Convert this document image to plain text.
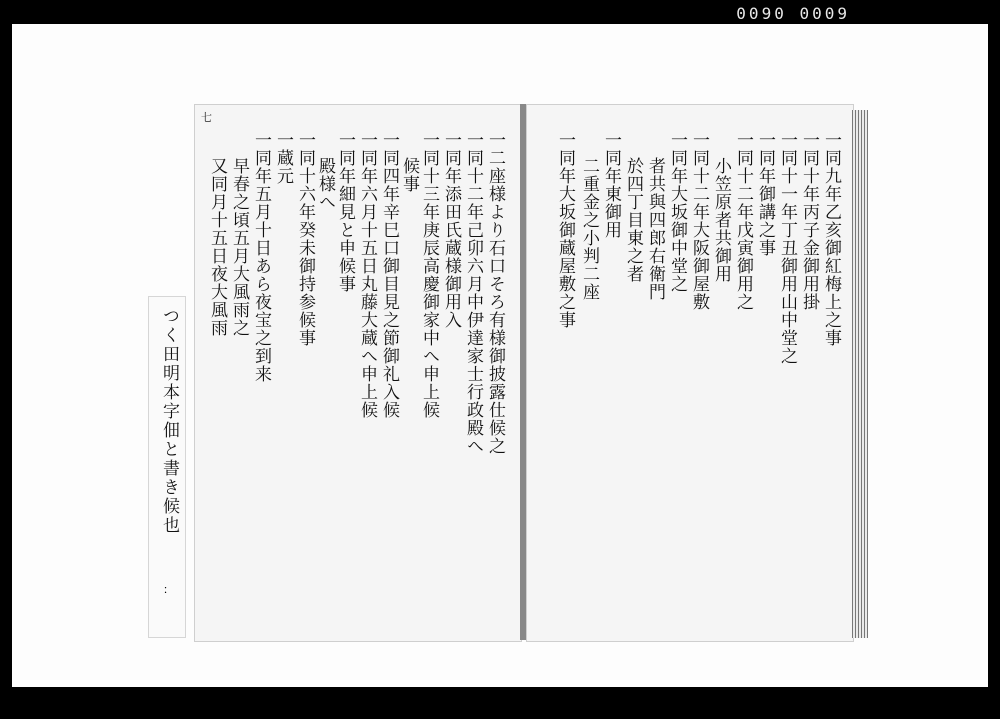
0090 0009
七
一二座様より石口そろ有様御披露仕候之
一同十二年己卯六月中伊達家士行政殿へ
一同年添田氏蔵様御用入
一同十三年庚辰高慶御家中へ申上候
候事
一同四年辛巳口御目見之節御礼入候
一同年六月十五日丸藤大蔵へ申上候
一同年細見と申候事
殿様へ
一同十六年癸未御持参候事
一蔵元
一同年五月十日あら夜宝之到来
早春之頃五月大風雨之
又同月十五日夜大風雨	一同九年乙亥御紅梅上之事
一同十年丙子金御用掛
一同十一年丁丑御用山中堂之
一同年御講之事
一同十二年戊寅御用之
小笠原者共御用
一同十二年大阪御屋敷
一同年大坂御中堂之
者共與四郎右衛門
於四丁目東之者
一同年東御用
二重金之小判二座
一同年大坂御蔵屋敷之事
つく田明本字佃と書き候也
：
